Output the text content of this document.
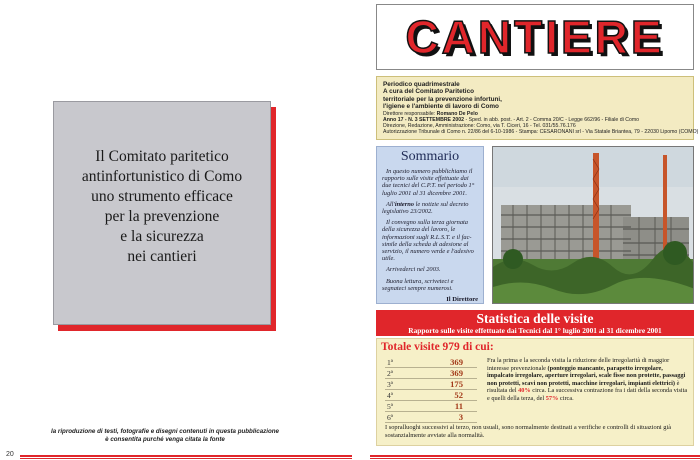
Il Comitato paritetico
antinfortunistico di Como
uno strumento efficace
per la prevenzione
e la sicurezza
nei cantieri

la riproduzione di testi, fotografie e disegni contenuti in questa pubblicazione

è consentita purché venga citata la fonte

20
CANTIERE
Periodico quadrimestrale
A cura del Comitato Paritetico
territoriale per la prevenzione infortuni,
l'igiene e l'ambiente di lavoro di Como
Direttore responsabile: Romano De Pelo
Anno 17 - N. 3 SETTEMBRE 2002 - Sped. in abb. post. - Art. 2 - Comma 20/C - Legge 662/96 - Filiale di Como
Direzione, Redazione, Amministrazione: Como, via T. Ciceri, 16 - Tel. 031/55.76.176
Autorizzazione Tribunale di Como n. 22/86 del 6-10-1986 - Stampa: CESARONANI srl - Via Statale Briantea, 79 - 22030 Lipomo (COMO)
Sommario

In questo numero pubblichiamo il rapporto sulle visite effettuate dai due tecnici del C.P.T. nel periodo 1° luglio 2001 al 31 dicembre 2001.

All'interno le notizie sul decreto legislativo 23/2002.

Il convegno sulla terza giornata della sicurezza del lavoro, le informazioni sugli R.L.S.T. e il fac-simile della scheda di adesione al servizio, il numero verde e l'adesivo utile.

Arrivederci nel 2003.

Buona lettura, scriveteci e segnateci sempre numerosi.

Il Direttore

Statistica delle visite
Rapporto sulle visite effettuate dai Tecnici dal 1° luglio 2001 al 31 dicembre 2001
Totale visite 979 di cui:
1ª	369
2ª	369
3ª	175
4ª	52
5ª	11
6ª	3
Fra la prima e la seconda visita la riduzione delle irregolarità di maggior interesse prevenzionale (ponteggio mancante, parapetto irregolare, impalcato irregolare, aperture irregolari, scale fisse non protette, passaggi non protetti, scavi non protetti, macchine irregolari, impianti elettrici) è risultata del 40% circa. La successiva contrazione fra i dati della seconda visita e quelli della terza, del 57% circa.
I sopralluoghi successivi al terzo, non usuali, sono normalmente destinati a verifiche e controlli di situazioni già sostanzialmente avviate alla normalità.
